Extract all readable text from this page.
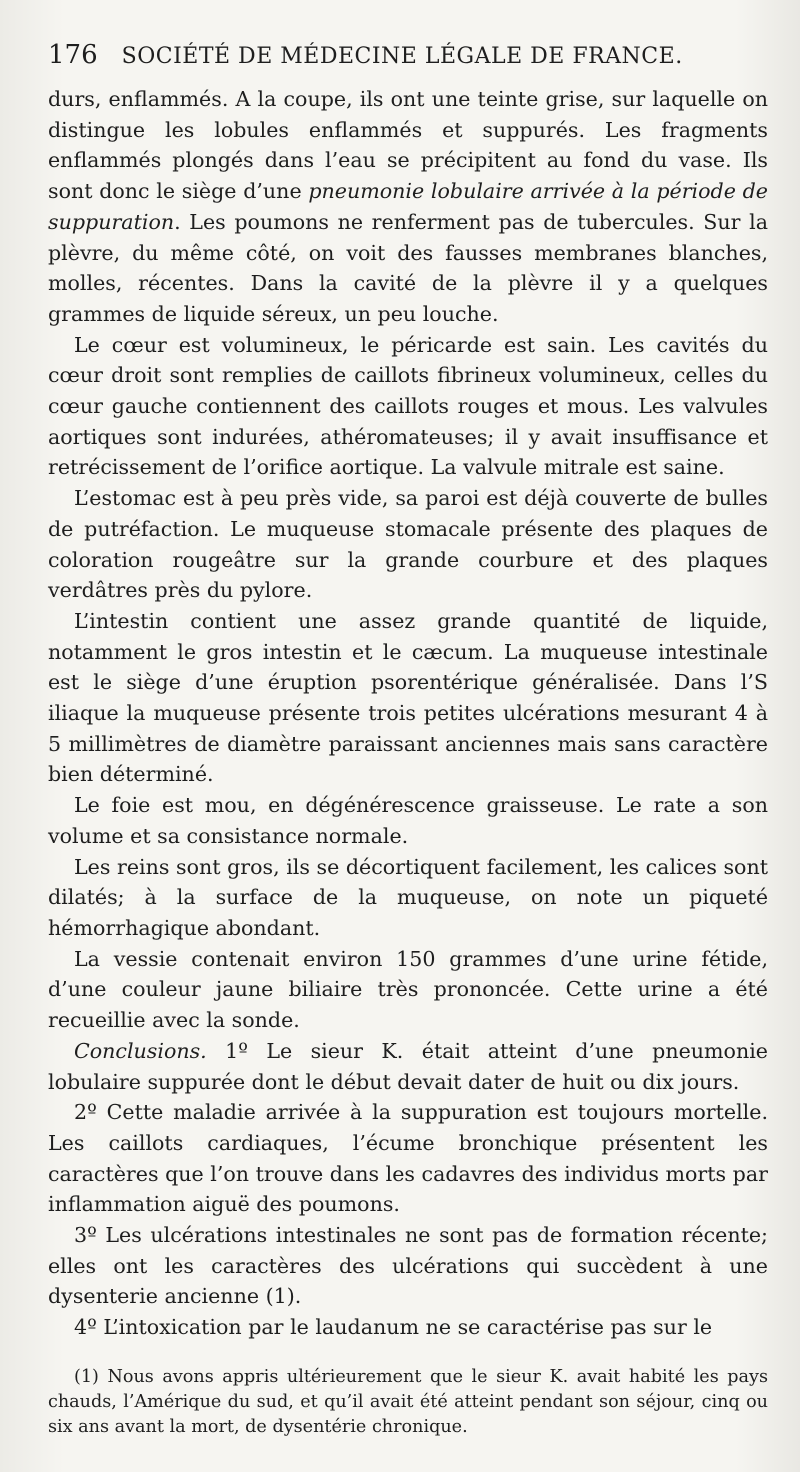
176 SOCIÉTÉ DE MÉDECINE LÉGALE DE FRANCE.

durs, enflammés. A la coupe, ils ont une teinte grise, sur laquelle on distingue les lobules enflammés et suppurés. Les fragments enflammés plongés dans l’eau se précipitent au fond du vase. Ils sont donc le siège d’une pneumonie lobulaire arrivée à la période de suppuration. Les poumons ne renferment pas de tubercules. Sur la plèvre, du même côté, on voit des fausses membranes blanches, molles, récentes. Dans la cavité de la plèvre il y a quelques grammes de liquide séreux, un peu louche.

Le cœur est volumineux, le péricarde est sain. Les cavités du cœur droit sont remplies de caillots fibrineux volumineux, celles du cœur gauche contiennent des caillots rouges et mous. Les valvules aortiques sont indurées, athéromateuses; il y avait insuffisance et retrécissement de l’orifice aortique. La valvule mitrale est saine.

L’estomac est à peu près vide, sa paroi est déjà couverte de bulles de putréfaction. Le muqueuse stomacale présente des plaques de coloration rougeâtre sur la grande courbure et des plaques verdâtres près du pylore.

L’intestin contient une assez grande quantité de liquide, notamment le gros intestin et le cæcum. La muqueuse intestinale est le siège d’une éruption psorentérique généralisée. Dans l’S iliaque la muqueuse présente trois petites ulcérations mesurant 4 à 5 millimètres de diamètre paraissant anciennes mais sans caractère bien déterminé.

Le foie est mou, en dégénérescence graisseuse. Le rate a son volume et sa consistance normale.

Les reins sont gros, ils se décortiquent facilement, les calices sont dilatés; à la surface de la muqueuse, on note un piqueté hémorrhagique abondant.

La vessie contenait environ 150 grammes d’une urine fétide, d’une couleur jaune biliaire très prononcée. Cette urine a été recueillie avec la sonde.

Conclusions. 1º Le sieur K. était atteint d’une pneumonie lobulaire suppurée dont le début devait dater de huit ou dix jours.

2º Cette maladie arrivée à la suppuration est toujours mortelle. Les caillots cardiaques, l’écume bronchique présentent les caractères que l’on trouve dans les cadavres des individus morts par inflammation aiguë des poumons.

3º Les ulcérations intestinales ne sont pas de formation récente; elles ont les caractères des ulcérations qui succèdent à une dysenterie ancienne (1).

4º L’intoxication par le laudanum ne se caractérise pas sur le

(1) Nous avons appris ultérieurement que le sieur K. avait habité les pays chauds, l’Amérique du sud, et qu’il avait été atteint pendant son séjour, cinq ou six ans avant la mort, de dysentérie chronique.
